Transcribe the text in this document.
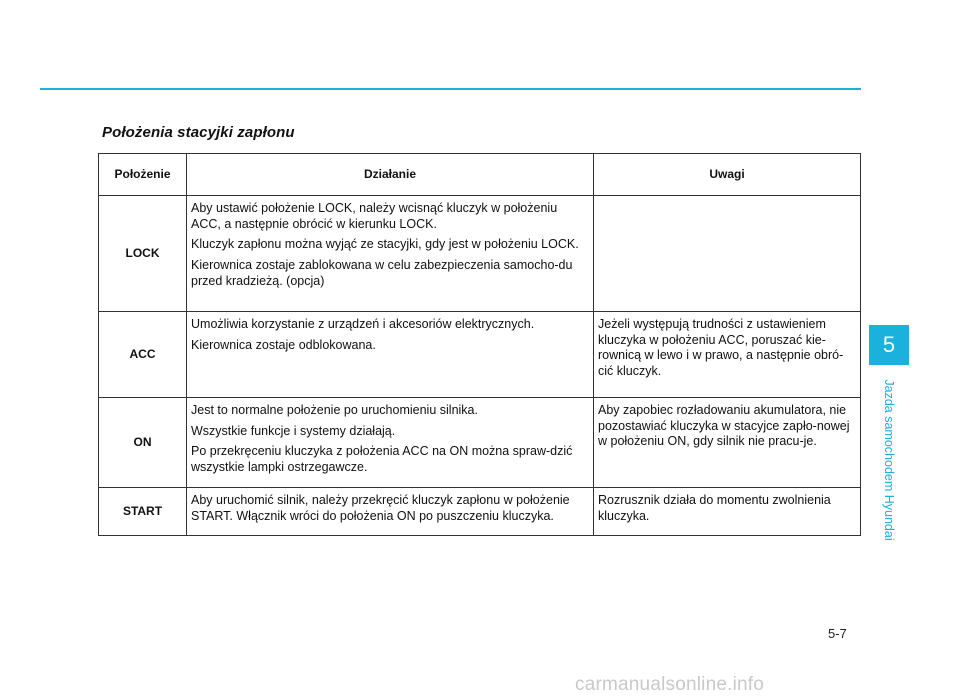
Położenia stacyjki zapłonu
Położenie	Działanie	Uwagi
LOCK	Aby ustawić położenie LOCK, należy wcisnąć kluczyk w położeniu ACC, a następnie obrócić w kierunku LOCK.

Kluczyk zapłonu można wyjąć ze stacyjki, gdy jest w położeniu LOCK.

Kierownica zostaje zablokowana w celu zabezpieczenia samocho-du przed kradzieżą. (opcja)	

ACC	Umożliwia korzystanie z urządzeń i akcesoriów elektrycznych.

Kierownica zostaje odblokowana.	Jeżeli występują trudności z ustawieniem kluczyka w położeniu ACC, poruszać kie-rownicą w lewo i w prawo, a następnie obró-cić kluczyk.
ON	Jest to normalne położenie po uruchomieniu silnika.

Wszystkie funkcje i systemy działają.

Po przekręceniu kluczyka z położenia ACC na ON można spraw-dzić wszystkie lampki ostrzegawcze.	Aby zapobiec rozładowaniu akumulatora, nie pozostawiać kluczyka w stacyjce zapło-nowej w położeniu ON, gdy silnik nie pracu-je.
START	Aby uruchomić silnik, należy przekręcić kluczyk zapłonu w położenie START. Włącznik wróci do położenia ON po puszczeniu kluczyka.	Rozrusznik działa do momentu zwolnienia kluczyka.
5
Jazda samochodem Hyundai
5-7
carmanualsonline.info
